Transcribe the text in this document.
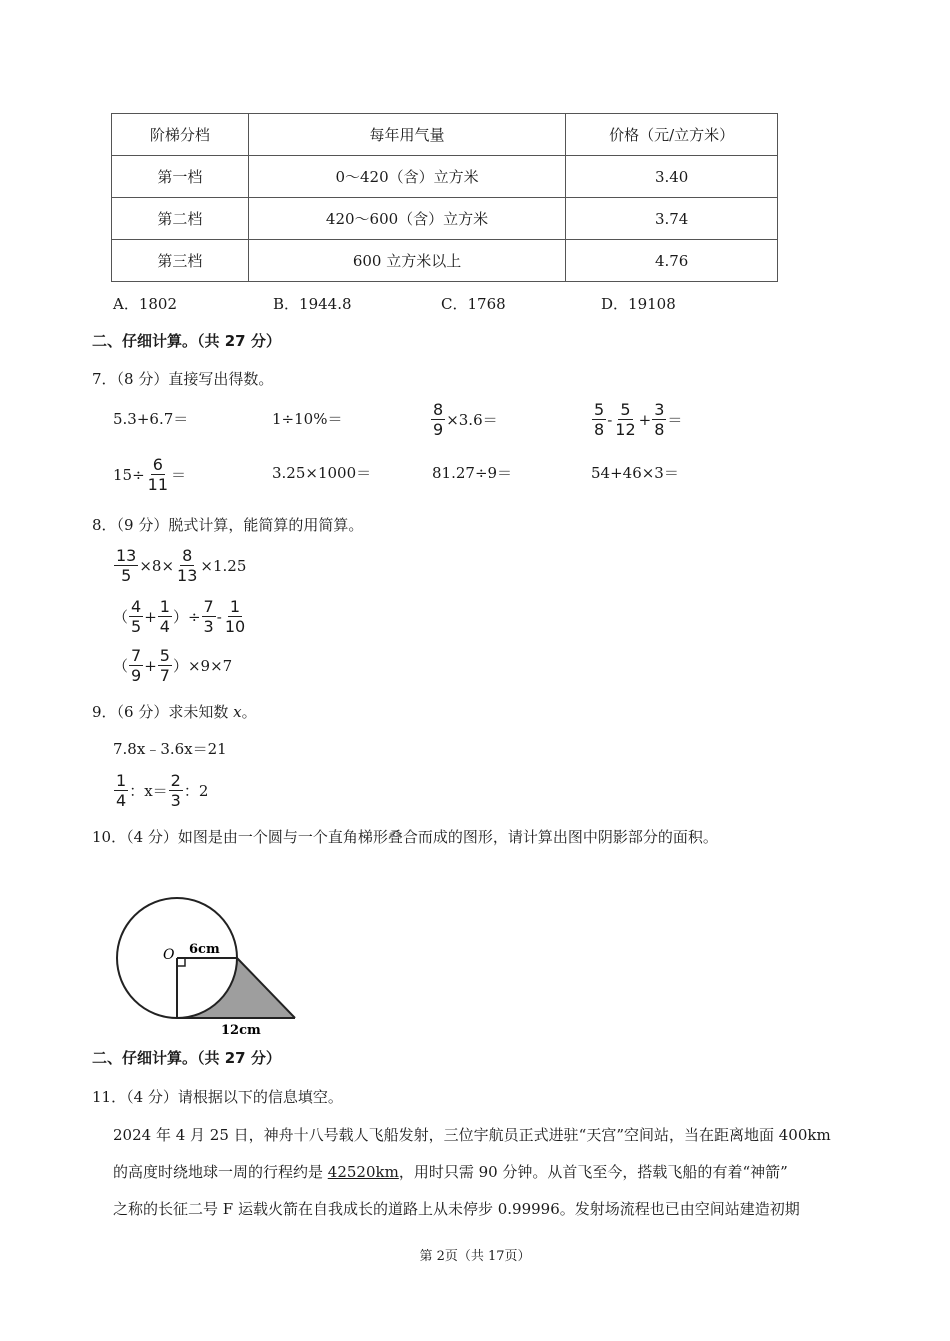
阶梯分档	每年用气量	价格（元/立方米）
第一档	0～420（含）立方米	3.40
第二档	420～600（含）立方米	3.74
第三档	600 立方米以上	4.76
A．1802	B．1944.8	C．1768	D．19108
二、仔细计算。（共 27 分）
7．（8 分）直接写出得数。
5.3+6.7＝	1÷10%＝	$\frac{8}{9} \times 3.6=$	$\frac{5}{8} - \frac{5}{12} + \frac{3}{8}$ ＝
$15\div \frac{6}{11}$ ＝	3.25×1000＝	81.27÷9＝	54+46×3＝
8．（9 分）脱式计算，能简算的用简算。
$\frac{13}{5} \times 8\times \frac{8}{13} \times 1.25$
（ $\frac{4}{5} + \frac{1}{4}$ ）÷ $\frac{7}{3} - \frac{1}{10}$
（ $\frac{7}{9} + \frac{5}{7} )\times 9\times 7$
9．（6 分）求未知数 x。
7.8x﹣3.6x＝21
$\frac{1}{4}$ ：$x= \frac{2}{3}$ ：2
10．（4 分）如图是由一个圆与一个直角梯形叠合而成的图形，请计算出图中阴影部分的面积。
O 6cm
12cm
二、仔细计算。（共 27 分）
11．（4 分）请根据以下的信息填空。
2024 年 4 月 25 日，神舟十八号载人飞船发射，三位宇航员正式进驻“天宫”空间站，当在距离地面 400km
的高度时绕地球一周的行程约是 42520km，用时只需 90 分钟。从首飞至今，搭载飞船的有着“神箭”
之称的长征二号 F 运载火箭在自我成长的道路上从未停步 0.99996。发射场流程也已由空间站建造初期
第 2页（共 17页）
